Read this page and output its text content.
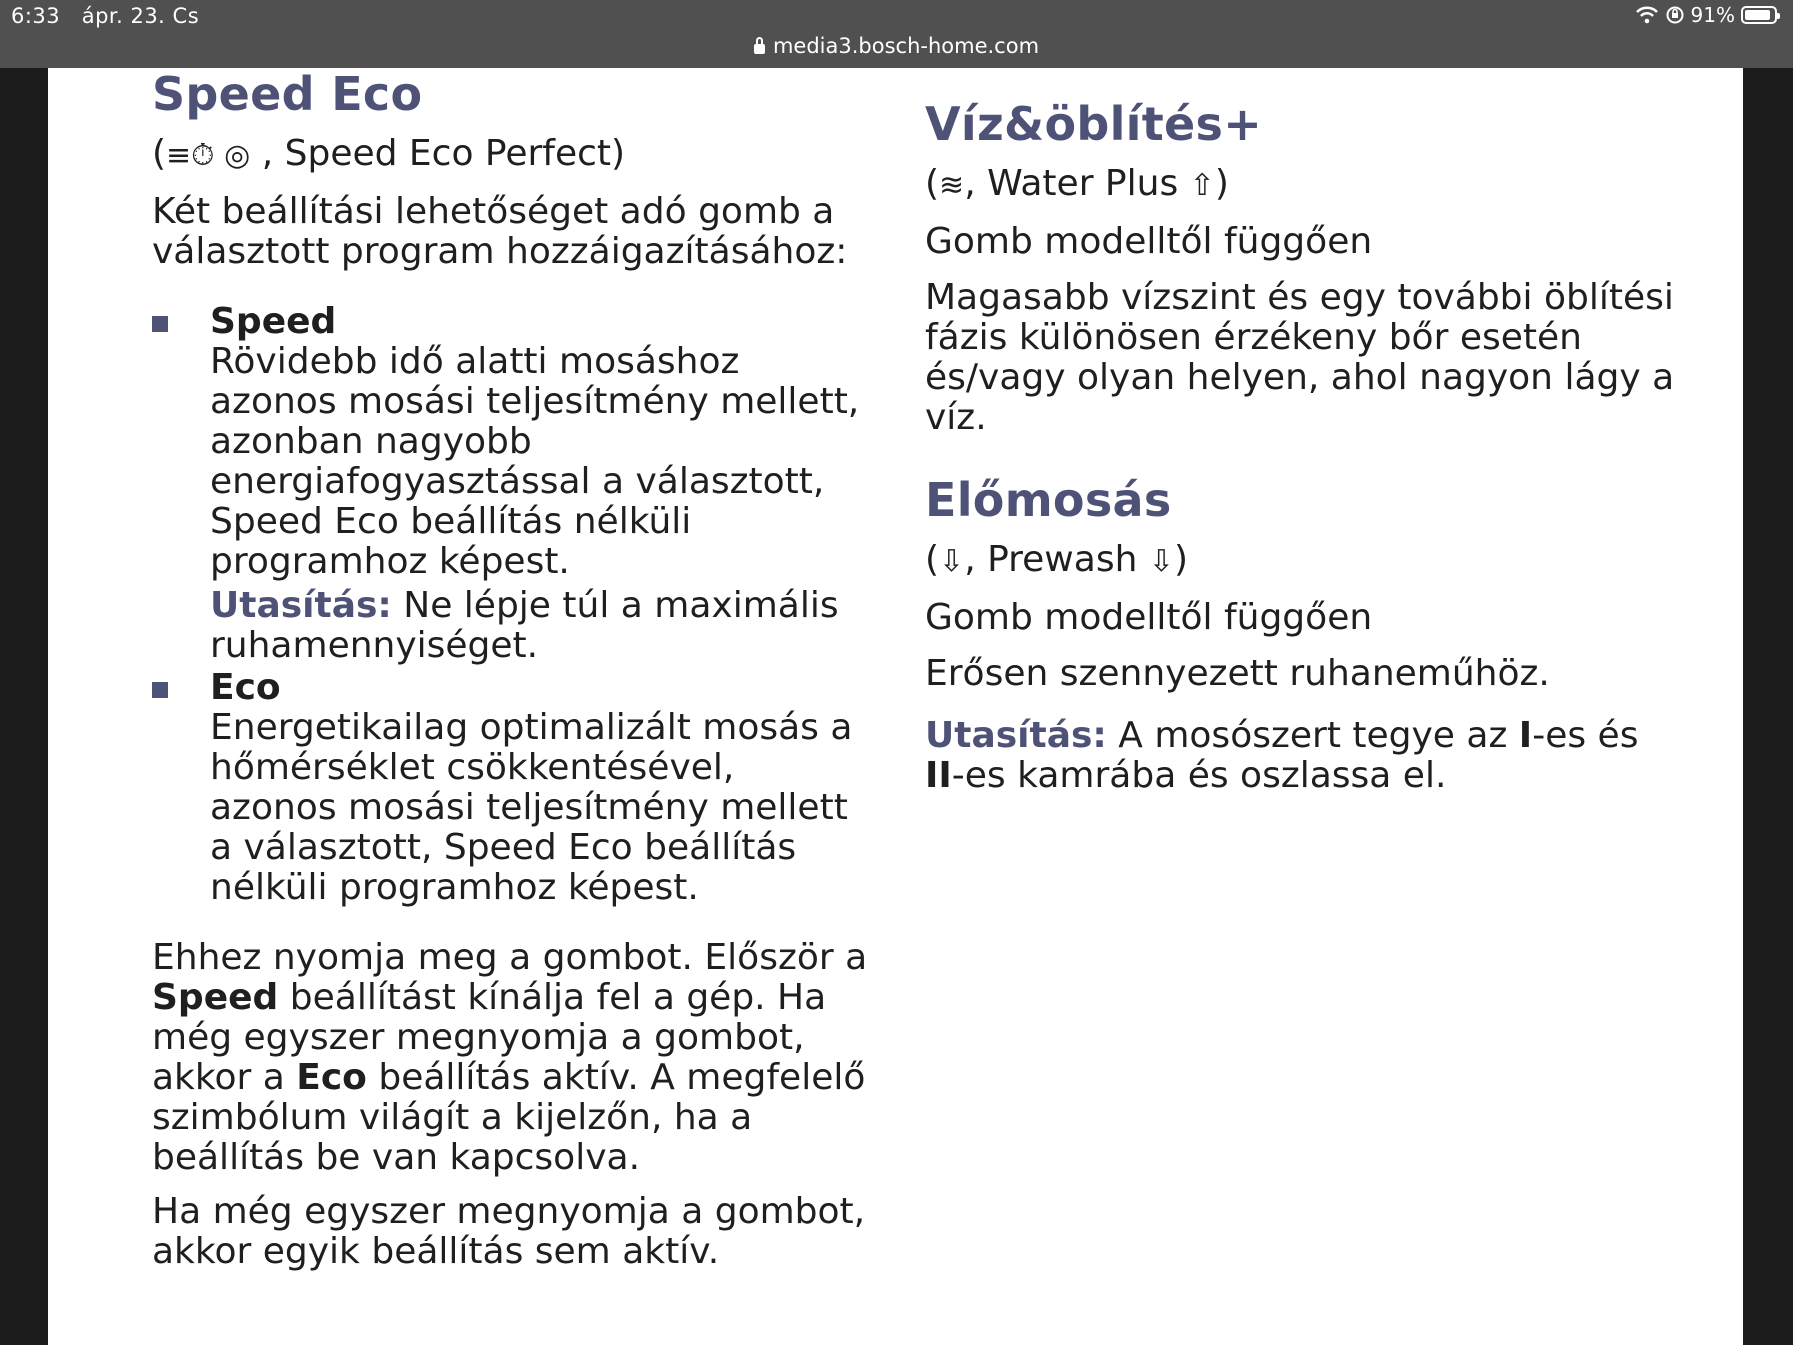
6:33 ápr. 23. Cs	91%
media3.bosch-home.com
Speed Eco

(≡⏱ ◎ , Speed Eco Perfect)

Két beállítási lehetőséget adó gomb a választott program hozzáigazításához:

Speed

Rövidebb idő alatti mosáshoz azonos mosási teljesítmény mellett, azonban nagyobb energiafogyasztással a választott, Speed Eco beállítás nélküli programhoz képest.

Utasítás: Ne lépje túl a maximális ruhamennyiséget.

Eco

Energetikailag optimalizált mosás a hőmérséklet csökkentésével, azonos mosási teljesítmény mellett a választott, Speed Eco beállítás nélküli programhoz képest.

Ehhez nyomja meg a gombot. Először a Speed beállítást kínálja fel a gép. Ha még egyszer megnyomja a gombot, akkor a Eco beállítás aktív. A megfelelő szimbólum világít a kijelzőn, ha a beállítás be van kapcsolva.

Ha még egyszer megnyomja a gombot, akkor egyik beállítás sem aktív.

Víz&öblítés+

(≋, Water Plus ⇧)

Gomb modelltől függően

Magasabb vízszint és egy további öblítési fázis különösen érzékeny bőr esetén és/vagy olyan helyen, ahol nagyon lágy a víz.

Előmosás

(⇩, Prewash ⇩)

Gomb modelltől függően

Erősen szennyezett ruhaneműhöz.

Utasítás: A mosószert tegye az I-es és II-es kamrába és oszlassa el.
